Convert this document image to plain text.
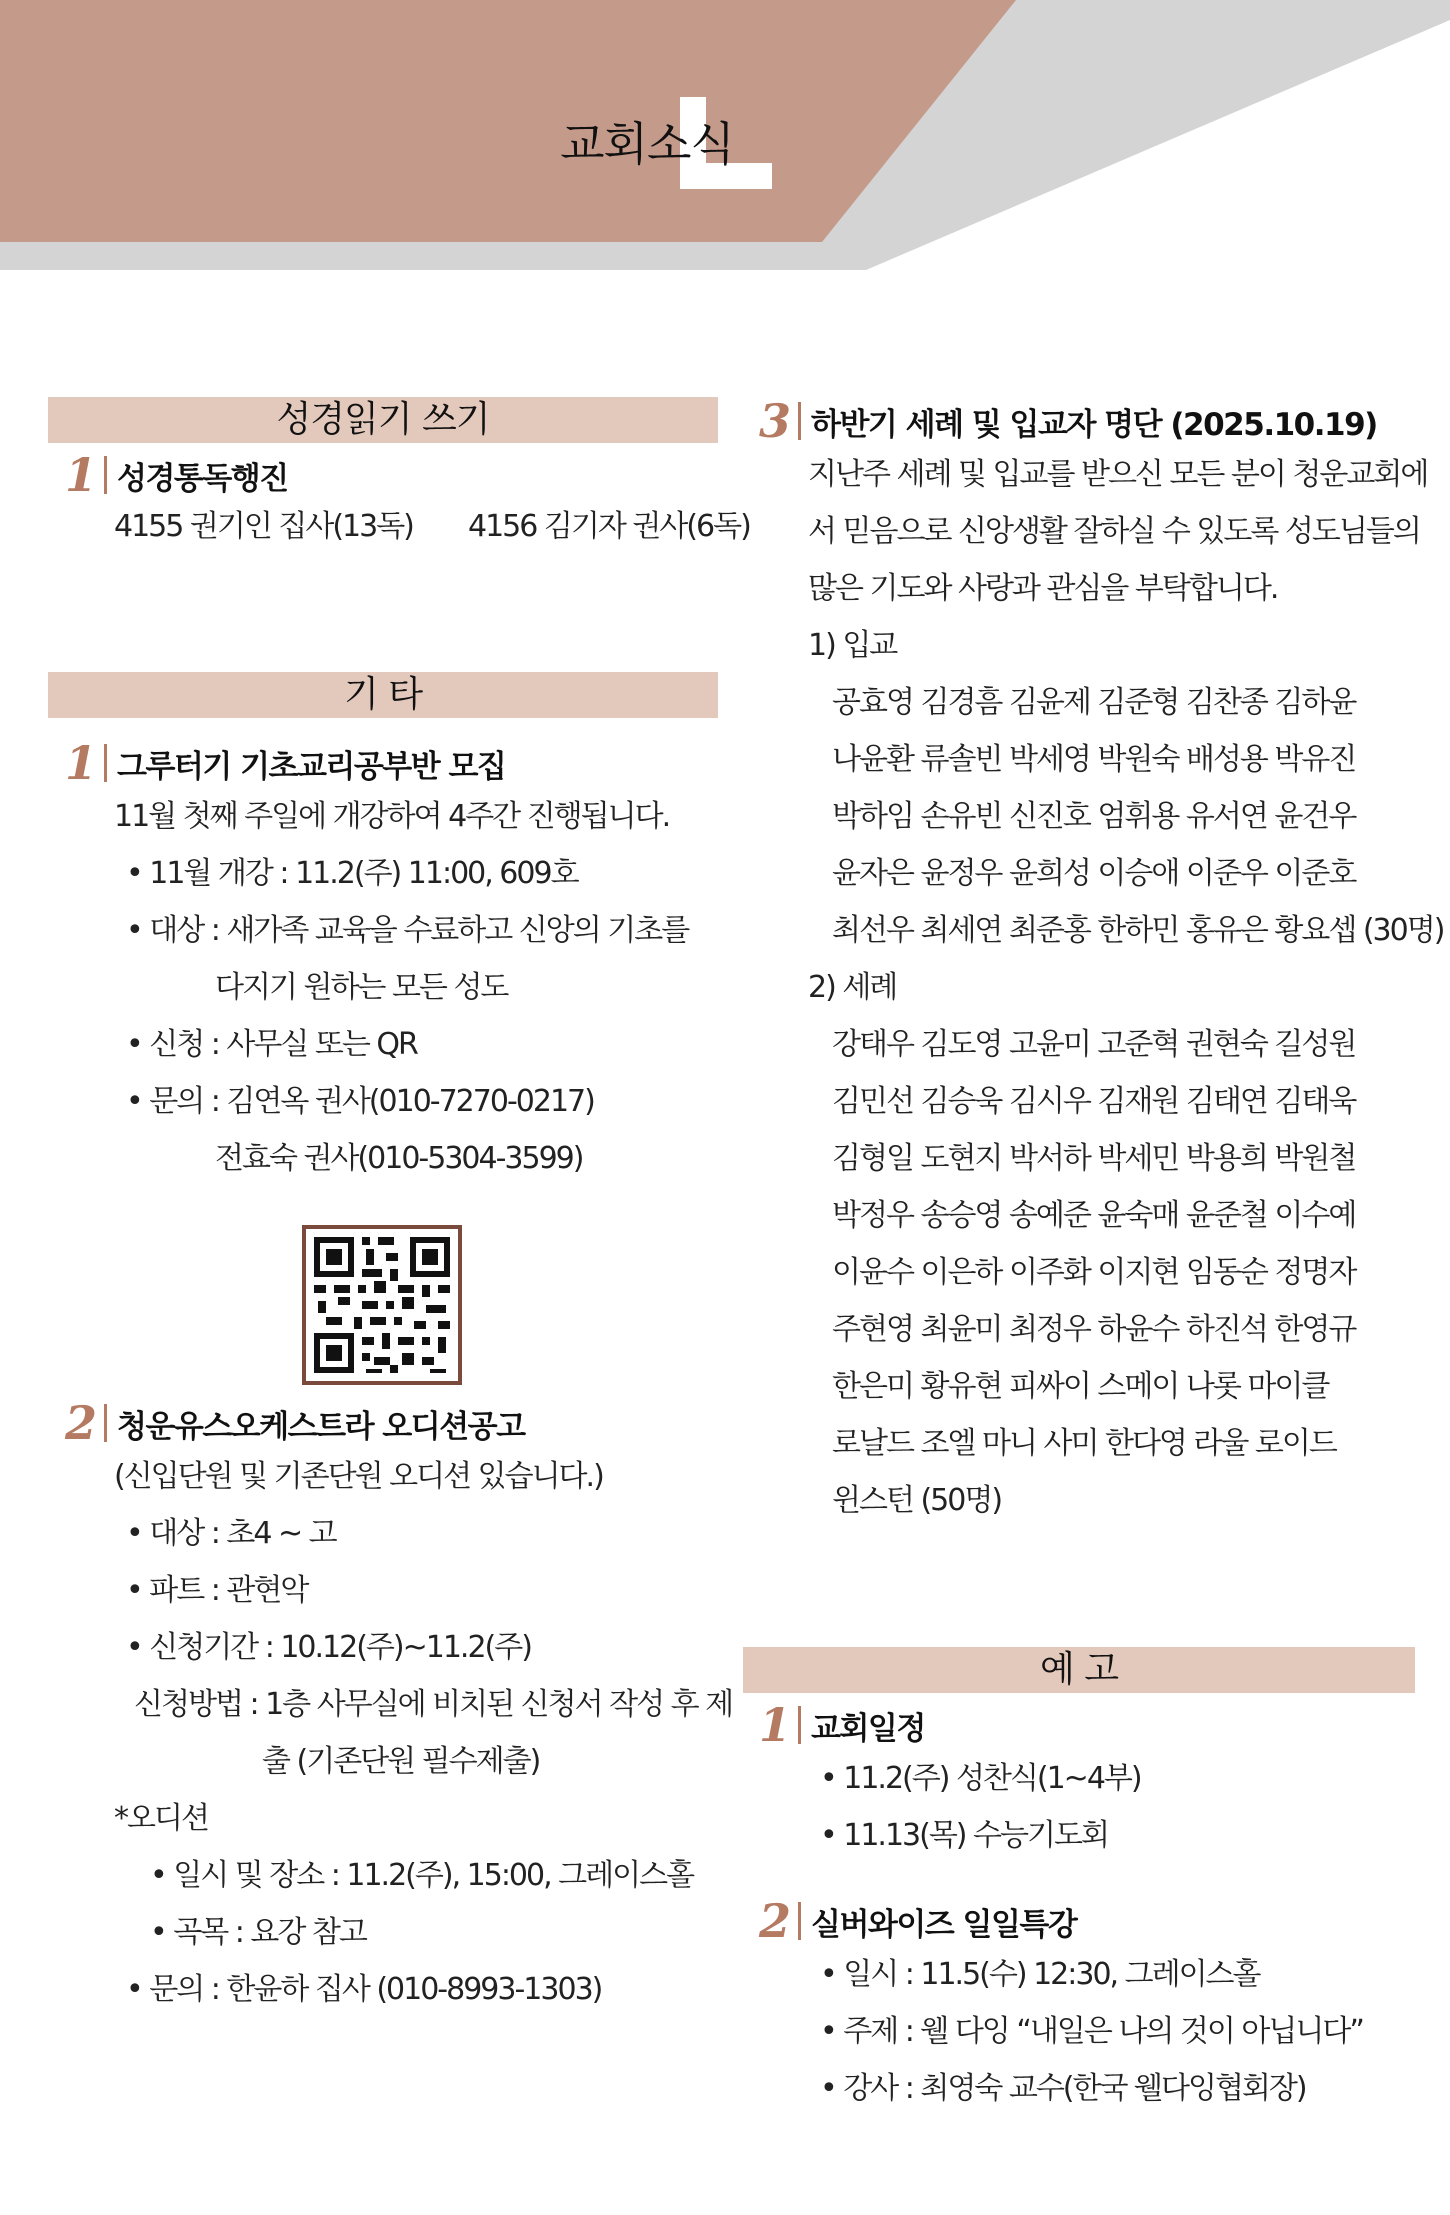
교회소식
성경읽기 쓰기
1 성경통독행진
4155 권기인 집사(13독) 4156 김기자 권사(6독)
기 타
1 그루터기 기초교리공부반 모집
11월 첫째 주일에 개강하여 4주간 진행됩니다.
• 11월 개강 : 11.2(주) 11:00, 609호
• 대상 : 새가족 교육을 수료하고 신앙의 기초를
다지기 원하는 모든 성도
• 신청 : 사무실 또는 QR
• 문의 : 김연옥 권사(010-7270-0217)
전효숙 권사(010-5304-3599)
2 청운유스오케스트라 오디션공고
(신입단원 및 기존단원 오디션 있습니다.)
• 대상 : 초4 ~ 고
• 파트 : 관현악
• 신청기간 : 10.12(주)~11.2(주)
신청방법 : 1층 사무실에 비치된 신청서 작성 후 제
출 (기존단원 필수제출)
*오디션
• 일시 및 장소 : 11.2(주), 15:00, 그레이스홀
• 곡목 : 요강 참고
• 문의 : 한윤하 집사 (010-8993-1303)
3 하반기 세례 및 입교자 명단 (2025.10.19)
지난주 세례 및 입교를 받으신 모든 분이 청운교회에
서 믿음으로 신앙생활 잘하실 수 있도록 성도님들의
많은 기도와 사랑과 관심을 부탁합니다.
1) 입교
공효영 김경흠 김윤제 김준형 김찬종 김하윤
나윤환 류솔빈 박세영 박원숙 배성용 박유진
박하임 손유빈 신진호 엄휘용 유서연 윤건우
윤자은 윤정우 윤희성 이승애 이준우 이준호
최선우 최세연 최준홍 한하민 홍유은 황요셉 (30명)
2) 세례
강태우 김도영 고윤미 고준혁 권현숙 길성원
김민선 김승욱 김시우 김재원 김태연 김태욱
김형일 도현지 박서하 박세민 박용희 박원철
박정우 송승영 송예준 윤숙매 윤준철 이수예
이윤수 이은하 이주화 이지현 임동순 정명자
주현영 최윤미 최정우 하윤수 하진석 한영규
한은미 황유현 피싸이 스메이 나롯 마이클
로날드 조엘 마니 사미 한다영 라울 로이드
윈스턴 (50명)
예 고
1 교회일정
• 11.2(주) 성찬식(1~4부)
• 11.13(목) 수능기도회
2 실버와이즈 일일특강
• 일시 : 11.5(수) 12:30, 그레이스홀
• 주제 : 웰 다잉 “내일은 나의 것이 아닙니다”
• 강사 : 최영숙 교수(한국 웰다잉협회장)
